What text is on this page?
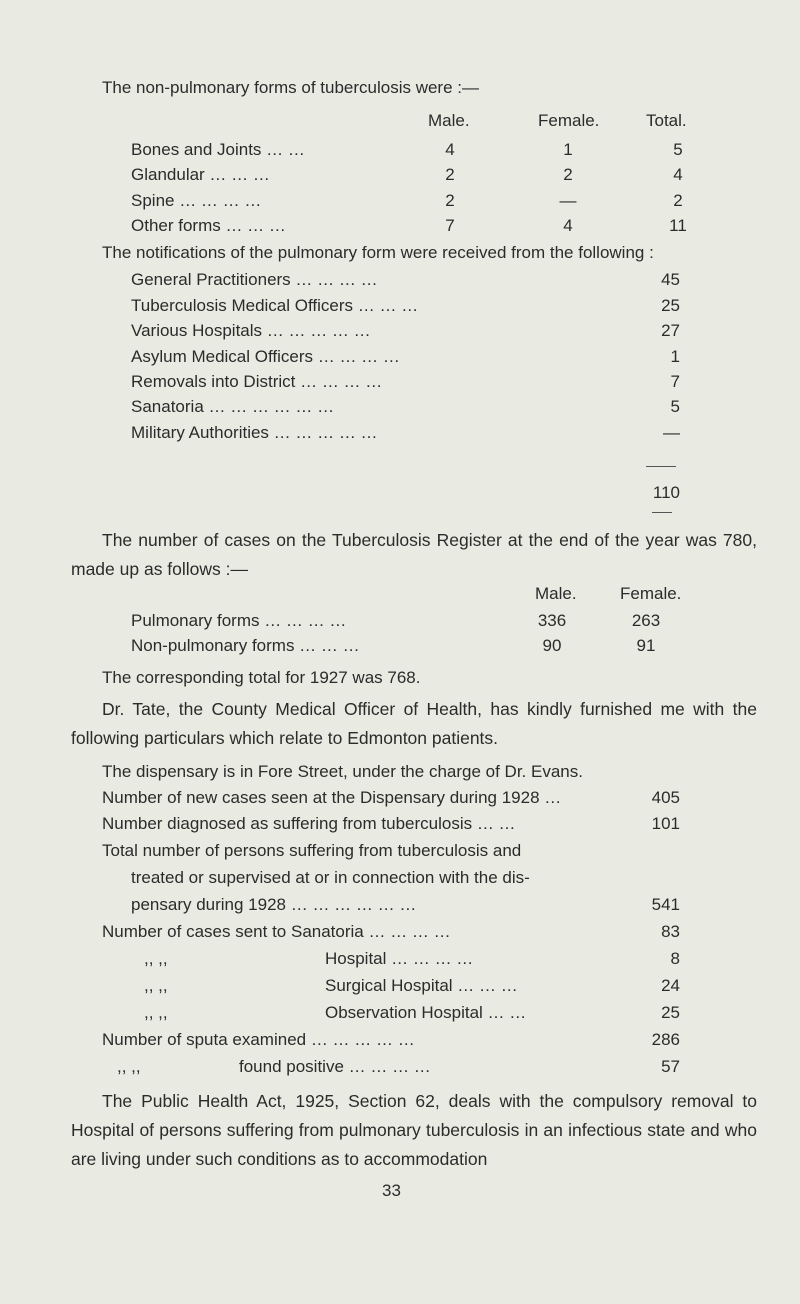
The non-pulmonary forms of tuberculosis were :—
Male.	Female.	Total.
Bones and Joints … …	4	1	5
Glandular … … …	2	2	4
Spine … … … …	2	—	2
Other forms … … …	7	4	11
The notifications of the pulmonary form were received from the following :
General Practitioners … … … …	45
Tuberculosis Medical Officers … … …	25
Various Hospitals … … … … …	27
Asylum Medical Officers … … … …	1
Removals into District … … … …	7
Sanatoria … … … … … …	5
Military Authorities … … … … …	—
110
The number of cases on the Tuberculosis Register at the end of the year was 780, made up as follows :—
Male.	Female.
Pulmonary forms … … … …	336	263
Non-pulmonary forms … … …	90	91
The corresponding total for 1927 was 768.
Dr. Tate, the County Medical Officer of Health, has kindly furnished me with the following particulars which relate to Edmonton patients.
The dispensary is in Fore Street, under the charge of Dr. Evans.
Number of new cases seen at the Dispensary during 1928 …	405
Number diagnosed as suffering from tuberculosis … …	101
Total number of persons suffering from tuberculosis and
treated or supervised at or in connection with the dis-
pensary during 1928 … … … … … …	541
Number of cases sent to Sanatoria … … … …	83
,, ,,	Hospital … … … …	8
,, ,,	Surgical Hospital … … …	24
,, ,,	Observation Hospital … …	25
Number of sputa examined … … … … …	286
,, ,,	found positive … … … …	57
The Public Health Act, 1925, Section 62, deals with the compulsory removal to Hospital of persons suffering from pulmonary tuberculosis in an infectious state and who are living under such conditions as to accommodation
33
